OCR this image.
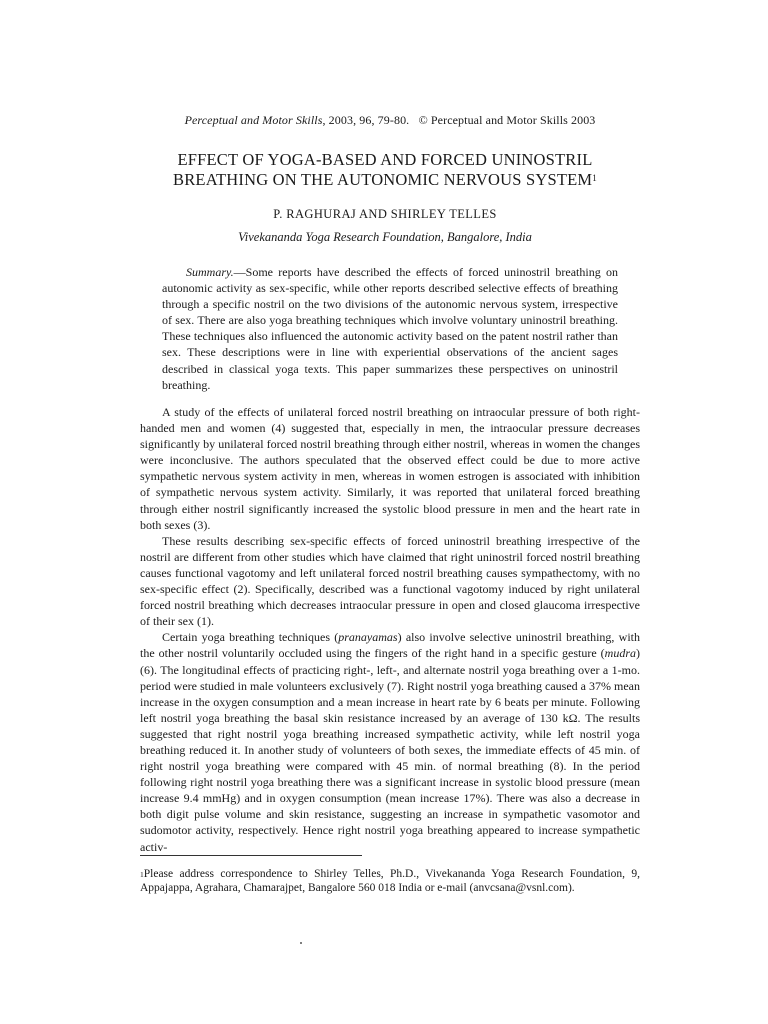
Perceptual and Motor Skills, 2003, 96, 79-80. © Perceptual and Motor Skills 2003
EFFECT OF YOGA-BASED AND FORCED UNINOSTRIL
BREATHING ON THE AUTONOMIC NERVOUS SYSTEM$^1$
P. RAGHURAJ AND SHIRLEY TELLES
Vivekananda Yoga Research Foundation, Bangalore, India

Summary.—Some reports have described the effects of forced uninostril breathing on autonomic activity as sex-specific, while other reports described selective effects of breathing through a specific nostril on the two divisions of the autonomic nervous system, irrespective of sex. There are also yoga breathing techniques which involve voluntary uninostril breathing. These techniques also influenced the autonomic activity based on the patent nostril rather than sex. These descriptions were in line with experiential observations of the ancient sages described in classical yoga texts. This paper summarizes these perspectives on uninostril breathing.

A study of the effects of unilateral forced nostril breathing on intraocular pressure of both right-handed men and women (4) suggested that, especially in men, the intraocular pressure decreases significantly by unilateral forced nostril breathing through either nostril, whereas in women the changes were inconclusive. The authors speculated that the observed effect could be due to more active sympathetic nervous system activity in men, whereas in women estrogen is associated with inhibition of sympathetic nervous system activity. Similarly, it was reported that unilateral forced breathing through either nostril significantly increased the systolic blood pressure in men and the heart rate in both sexes (3).

These results describing sex-specific effects of forced uninostril breathing irrespective of the nostril are different from other studies which have claimed that right uninostril forced nostril breathing causes functional vagotomy and left unilateral forced nostril breathing causes sympathectomy, with no sex-specific effect (2). Specifically, described was a functional vagotomy induced by right unilateral forced nostril breathing which decreases intraocular pressure in open and closed glaucoma irrespective of their sex (1).

Certain yoga breathing techniques (pranayamas) also involve selective uninostril breathing, with the other nostril voluntarily occluded using the fingers of the right hand in a specific gesture (mudra) (6). The longitudinal effects of practicing right-, left-, and alternate nostril yoga breathing over a 1-mo. period were studied in male volunteers exclusively (7). Right nostril yoga breathing caused a 37% mean increase in the oxygen consumption and a mean increase in heart rate by 6 beats per minute. Following left nostril yoga breathing the basal skin resistance increased by an average of 130 kΩ. The results suggested that right nostril yoga breathing increased sympathetic activity, while left nostril yoga breathing reduced it. In another study of volunteers of both sexes, the immediate effects of 45 min. of right nostril yoga breathing were compared with 45 min. of normal breathing (8). In the period following right nostril yoga breathing there was a significant increase in systolic blood pressure (mean increase 9.4 mmHg) and in oxygen consumption (mean increase 17%). There was also a decrease in both digit pulse volume and skin resistance, suggesting an increase in sympathetic vasomotor and sudomotor activity, respectively. Hence right nostril yoga breathing appeared to increase sympathetic activ-

$^1$Please address correspondence to Shirley Telles, Ph.D., Vivekananda Yoga Research Foundation, 9, Appajappa, Agrahara, Chamarajpet, Bangalore 560 018 India or e-mail (anvcsana@vsnl.com).
